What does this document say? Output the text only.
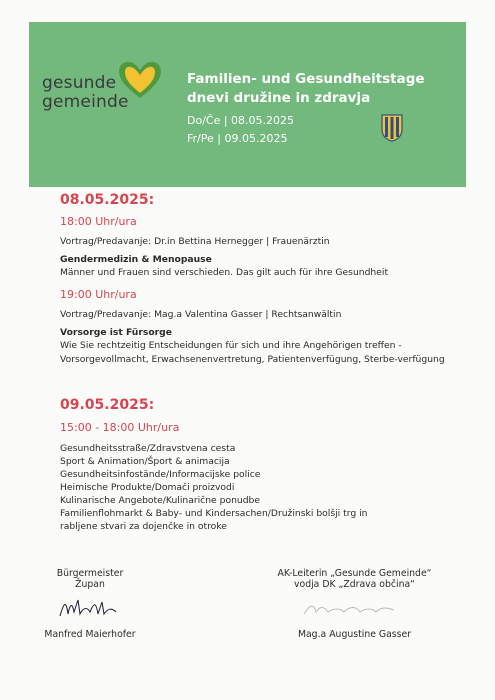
gesunde
gemeinde
Familien- und Gesundheitstage
dnevi družine in zdravja
Do/Če | 08.05.2025
Fr/Pe | 09.05.2025
08.05.2025:
18:00 Uhr/ura
Vortrag/Predavanje: Dr.in Bettina Hernegger | Frauenärztin
Gendermedizin & Menopause
Männer und Frauen sind verschieden. Das gilt auch für ihre Gesundheit
19:00 Uhr/ura
Vortrag/Predavanje: Mag.a Valentina Gasser | Rechtsanwältin
Vorsorge ist Fürsorge
Wie Sie rechtzeitig Entscheidungen für sich und ihre Angehörigen treffen - Vorsorgevollmacht, Erwachsenenvertretung, Patientenverfügung, Sterbe-verfügung
09.05.2025:
15:00 - 18:00 Uhr/ura
Gesundheitsstraße/Zdravstvena cesta
Sport & Animation/Šport & animacija
Gesundheitsinfostände/Informacijske police
Heimische Produkte/Domači proizvodi
Kulinarische Angebote/Kulinarične ponudbe
Familienflohmarkt & Baby- und Kindersachen/Družinski bolšji trg in
rabljene stvari za dojenčke in otroke
Bürgermeister
Župan
Manfred Maierhofer
AK-Leiterin „Gesunde Gemeinde“
vodja DK „Zdrava občina“
Mag.a Augustine Gasser
